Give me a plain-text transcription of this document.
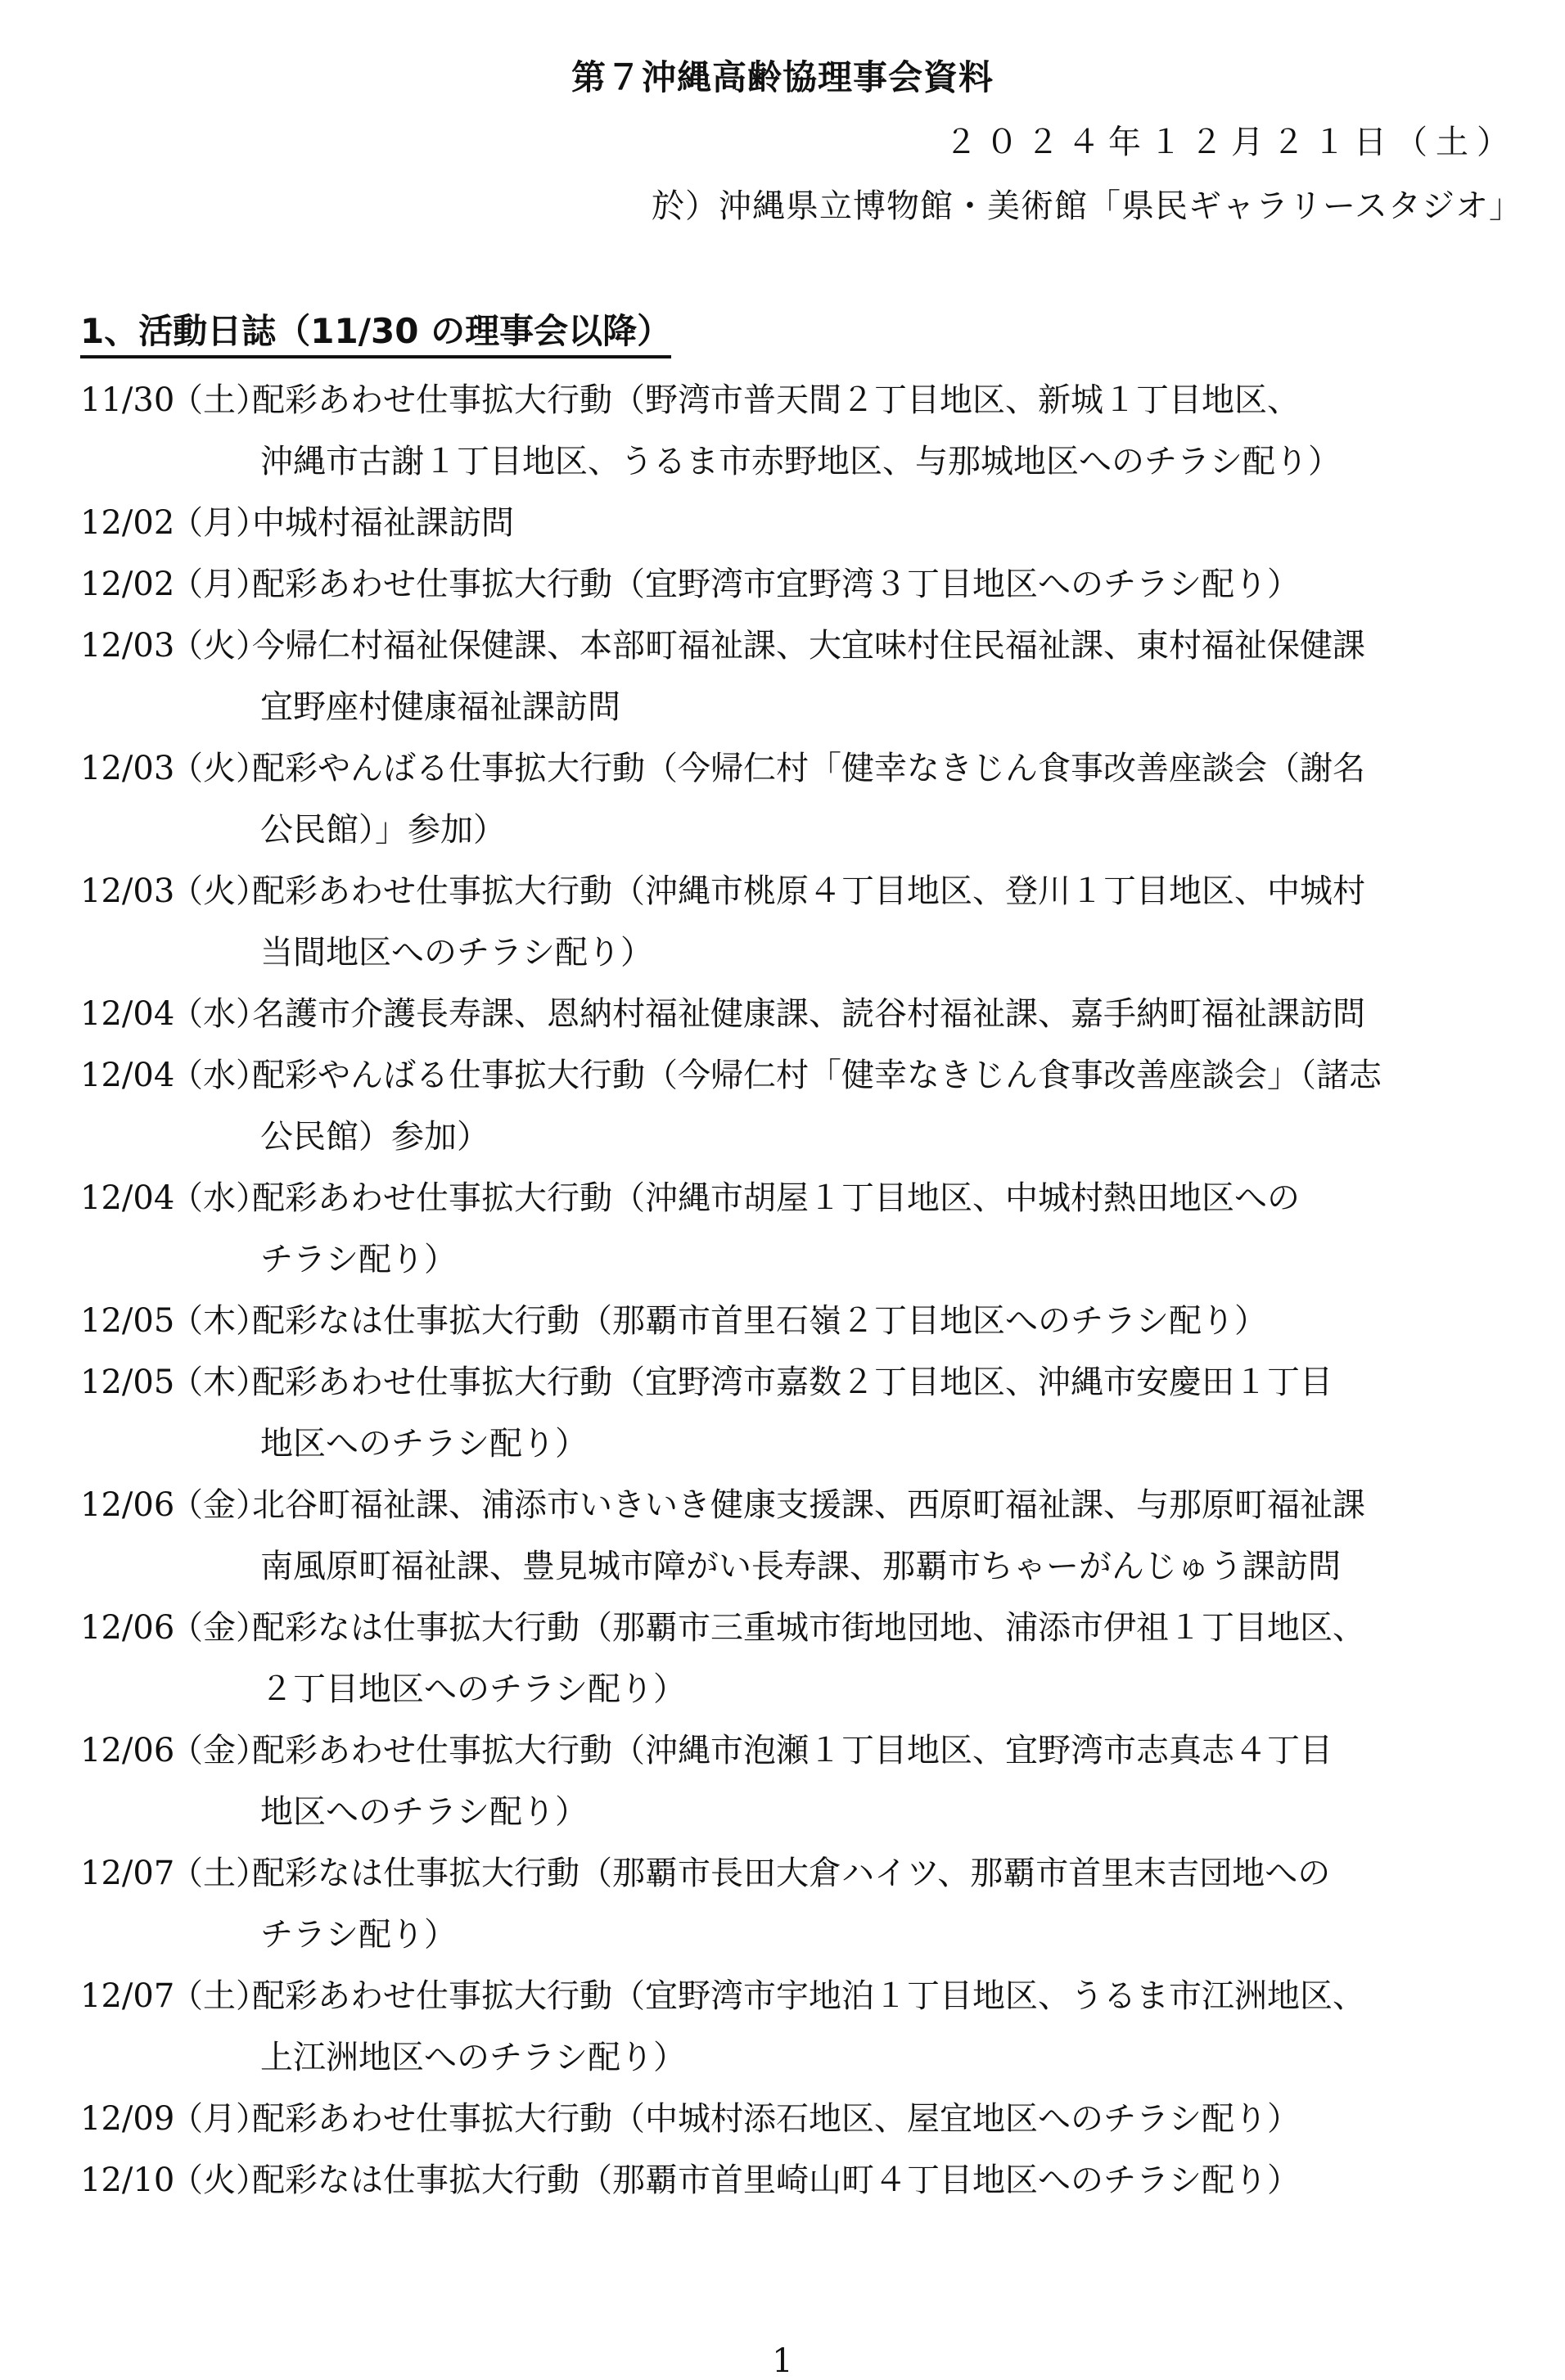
第７沖縄高齢協理事会資料
２０２４年１２月２１日（土）
於）沖縄県立博物館・美術館「県民ギャラリースタジオ」
1、活動日誌（11/30 の理事会以降）
11/30（土）配彩あわせ仕事拡大行動（野湾市普天間２丁目地区、新城１丁目地区、
沖縄市古謝１丁目地区、うるま市赤野地区、与那城地区へのチラシ配り）
12/02（月）中城村福祉課訪問
12/02（月）配彩あわせ仕事拡大行動（宜野湾市宜野湾３丁目地区へのチラシ配り）
12/03（火）今帰仁村福祉保健課、本部町福祉課、大宜味村住民福祉課、東村福祉保健課
宜野座村健康福祉課訪問
12/03（火）配彩やんばる仕事拡大行動（今帰仁村「健幸なきじん食事改善座談会（謝名
公民館）」参加）
12/03（火）配彩あわせ仕事拡大行動（沖縄市桃原４丁目地区、登川１丁目地区、中城村
当間地区へのチラシ配り）
12/04（水）名護市介護長寿課、恩納村福祉健康課、読谷村福祉課、嘉手納町福祉課訪問
12/04（水）配彩やんばる仕事拡大行動（今帰仁村「健幸なきじん食事改善座談会」（諸志
公民館）参加）
12/04（水）配彩あわせ仕事拡大行動（沖縄市胡屋１丁目地区、中城村熱田地区への
チラシ配り）
12/05（木）配彩なは仕事拡大行動（那覇市首里石嶺２丁目地区へのチラシ配り）
12/05（木）配彩あわせ仕事拡大行動（宜野湾市嘉数２丁目地区、沖縄市安慶田１丁目
地区へのチラシ配り）
12/06（金）北谷町福祉課、浦添市いきいき健康支援課、西原町福祉課、与那原町福祉課
南風原町福祉課、豊見城市障がい長寿課、那覇市ちゃーがんじゅう課訪問
12/06（金）配彩なは仕事拡大行動（那覇市三重城市街地団地、浦添市伊祖１丁目地区、
２丁目地区へのチラシ配り）
12/06（金）配彩あわせ仕事拡大行動（沖縄市泡瀬１丁目地区、宜野湾市志真志４丁目
地区へのチラシ配り）
12/07（土）配彩なは仕事拡大行動（那覇市長田大倉ハイツ、那覇市首里末吉団地への
チラシ配り）
12/07（土）配彩あわせ仕事拡大行動（宜野湾市宇地泊１丁目地区、うるま市江洲地区、
上江洲地区へのチラシ配り）
12/09（月）配彩あわせ仕事拡大行動（中城村添石地区、屋宜地区へのチラシ配り）
12/10（火）配彩なは仕事拡大行動（那覇市首里崎山町４丁目地区へのチラシ配り）
1
